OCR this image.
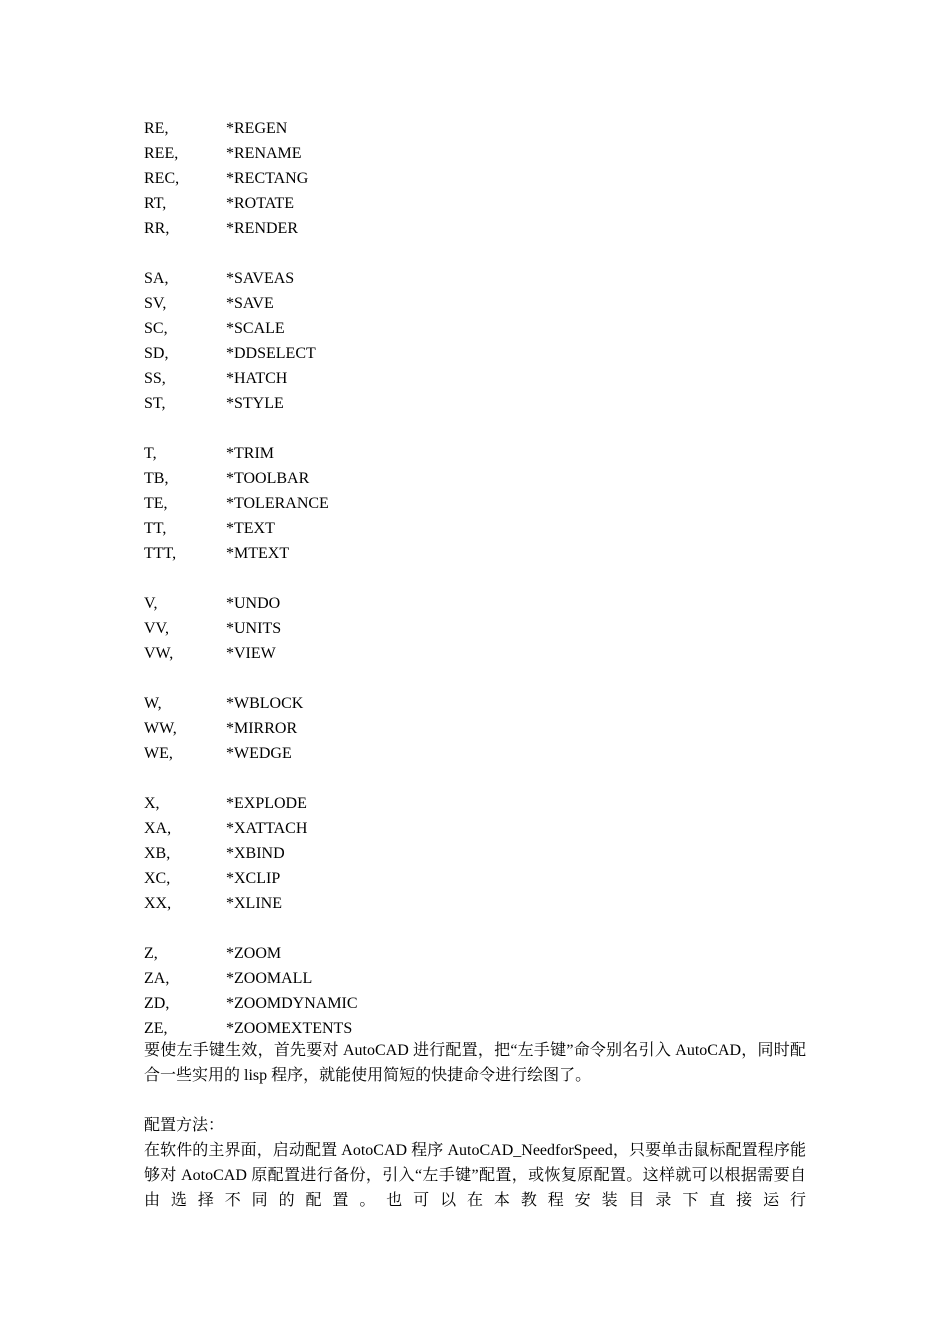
RE,	*REGEN
REE,	*RENAME
REC,	*RECTANG
RT,	*ROTATE
RR,	*RENDER
SA,	*SAVEAS
SV,	*SAVE
SC,	*SCALE
SD,	*DDSELECT
SS,	*HATCH
ST,	*STYLE
T,	*TRIM
TB,	*TOOLBAR
TE,	*TOLERANCE
TT,	*TEXT
TTT,	*MTEXT
V,	*UNDO
VV,	*UNITS
VW,	*VIEW
W,	*WBLOCK
WW,	*MIRROR
WE,	*WEDGE
X,	*EXPLODE
XA,	*XATTACH
XB,	*XBIND
XC,	*XCLIP
XX,	*XLINE
Z,	*ZOOM
ZA,	*ZOOMALL
ZD,	*ZOOMDYNAMIC
ZE,	*ZOOMEXTENTS

要使左手键生效，首先要对 AutoCAD 进行配置，把“左手键”命令别名引入 AutoCAD，同时配合一些实用的 lisp 程序，就能使用简短的快捷命令进行绘图了。

配置方法：

在软件的主界面，启动配置 AotoCAD 程序 AutoCAD_NeedforSpeed，只要单击鼠标配置程序能够对 AotoCAD 原配置进行备份，引入“左手键”配置，或恢复原配置。这样就可以根据需要自由选择不同的配置。也可以在本教程安装目录下直接运行
